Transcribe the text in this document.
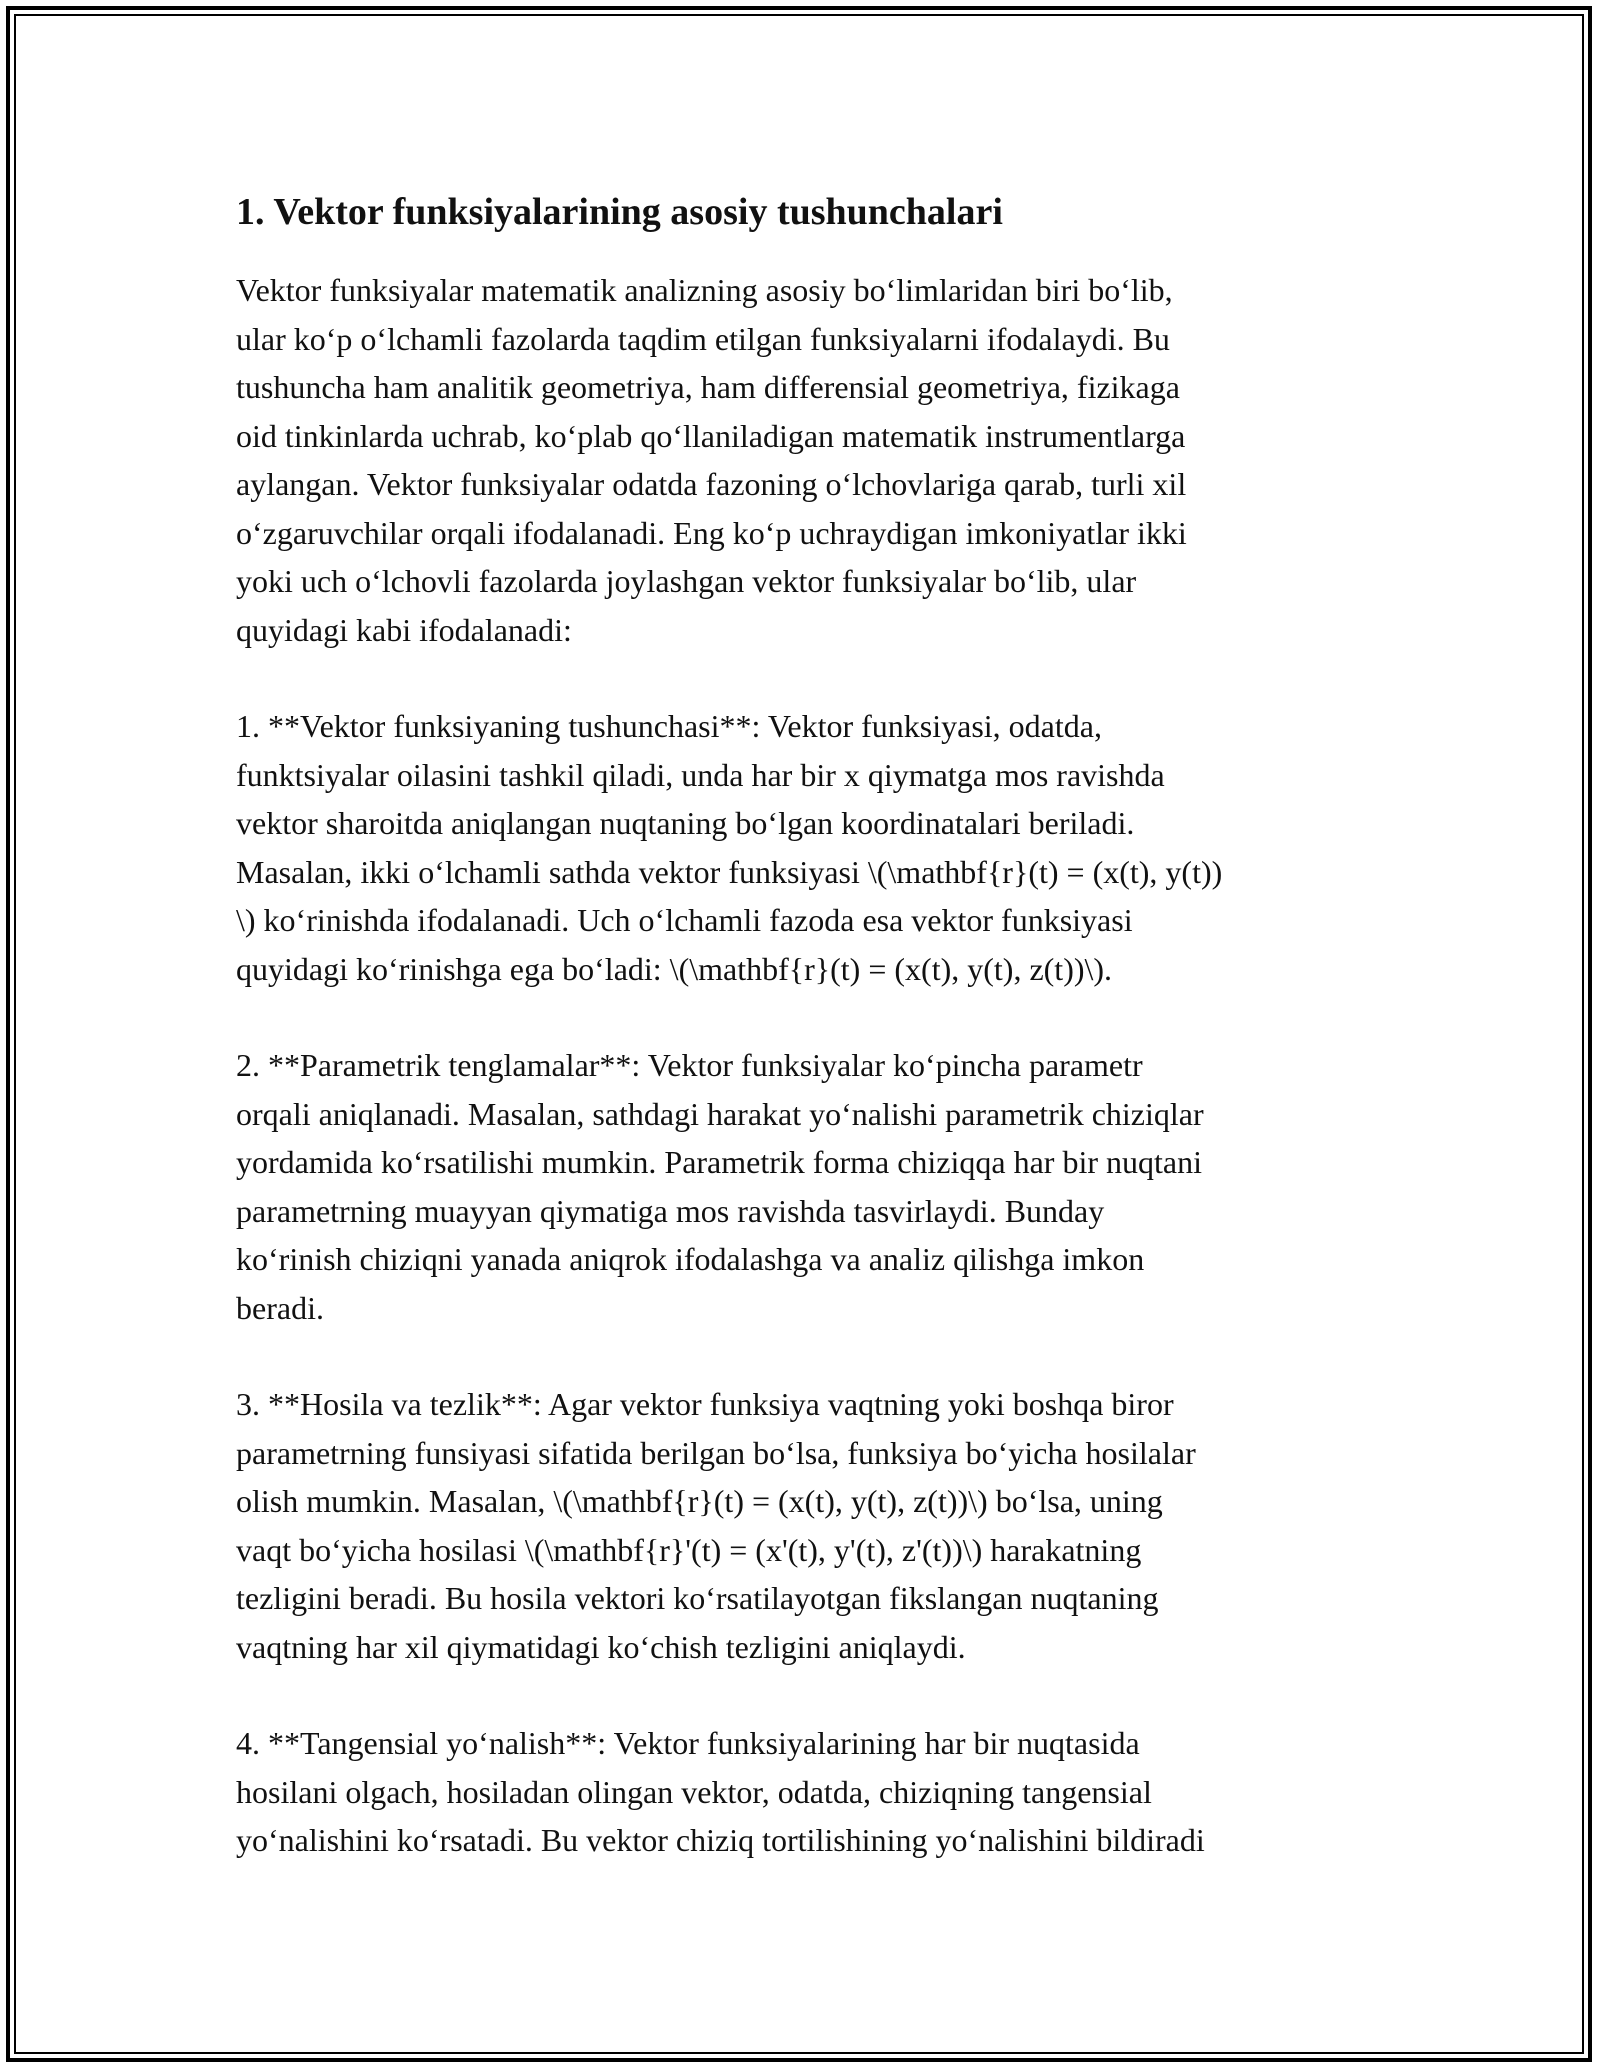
1. Vektor funksiyalarining asosiy tushunchalari

Vektor funksiyalar matematik analizning asosiy bo‘limlaridan biri bo‘lib,
ular ko‘p o‘lchamli fazolarda taqdim etilgan funksiyalarni ifodalaydi. Bu
tushuncha ham analitik geometriya, ham differensial geometriya, fizikaga
oid tinkinlarda uchrab, ko‘plab qo‘llaniladigan matematik instrumentlarga
aylangan. Vektor funksiyalar odatda fazoning o‘lchovlariga qarab, turli xil
o‘zgaruvchilar orqali ifodalanadi. Eng ko‘p uchraydigan imkoniyatlar ikki
yoki uch o‘lchovli fazolarda joylashgan vektor funksiyalar bo‘lib, ular
quyidagi kabi ifodalanadi:

1. **Vektor funksiyaning tushunchasi**: Vektor funksiyasi, odatda,
funktsiyalar oilasini tashkil qiladi, unda har bir x qiymatga mos ravishda
vektor sharoitda aniqlangan nuqtaning bo‘lgan koordinatalari beriladi.
Masalan, ikki o‘lchamli sathda vektor funksiyasi \(\mathbf{r}(t) = (x(t), y(t))
\) ko‘rinishda ifodalanadi. Uch o‘lchamli fazoda esa vektor funksiyasi
quyidagi ko‘rinishga ega bo‘ladi: \(\mathbf{r}(t) = (x(t), y(t), z(t))\).

2. **Parametrik tenglamalar**: Vektor funksiyalar ko‘pincha parametr
orqali aniqlanadi. Masalan, sathdagi harakat yo‘nalishi parametrik chiziqlar
yordamida ko‘rsatilishi mumkin. Parametrik forma chiziqqa har bir nuqtani
parametrning muayyan qiymatiga mos ravishda tasvirlaydi. Bunday
ko‘rinish chiziqni yanada aniqrok ifodalashga va analiz qilishga imkon
beradi.

3. **Hosila va tezlik**: Agar vektor funksiya vaqtning yoki boshqa biror
parametrning funsiyasi sifatida berilgan bo‘lsa, funksiya bo‘yicha hosilalar
olish mumkin. Masalan, \(\mathbf{r}(t) = (x(t), y(t), z(t))\) bo‘lsa, uning
vaqt bo‘yicha hosilasi \(\mathbf{r}'(t) = (x'(t), y'(t), z'(t))\) harakatning
tezligini beradi. Bu hosila vektori ko‘rsatilayotgan fikslangan nuqtaning
vaqtning har xil qiymatidagi ko‘chish tezligini aniqlaydi.

4. **Tangensial yo‘nalish**: Vektor funksiyalarining har bir nuqtasida
hosilani olgach, hosiladan olingan vektor, odatda, chiziqning tangensial
yo‘nalishini ko‘rsatadi. Bu vektor chiziq tortilishining yo‘nalishini bildiradi
